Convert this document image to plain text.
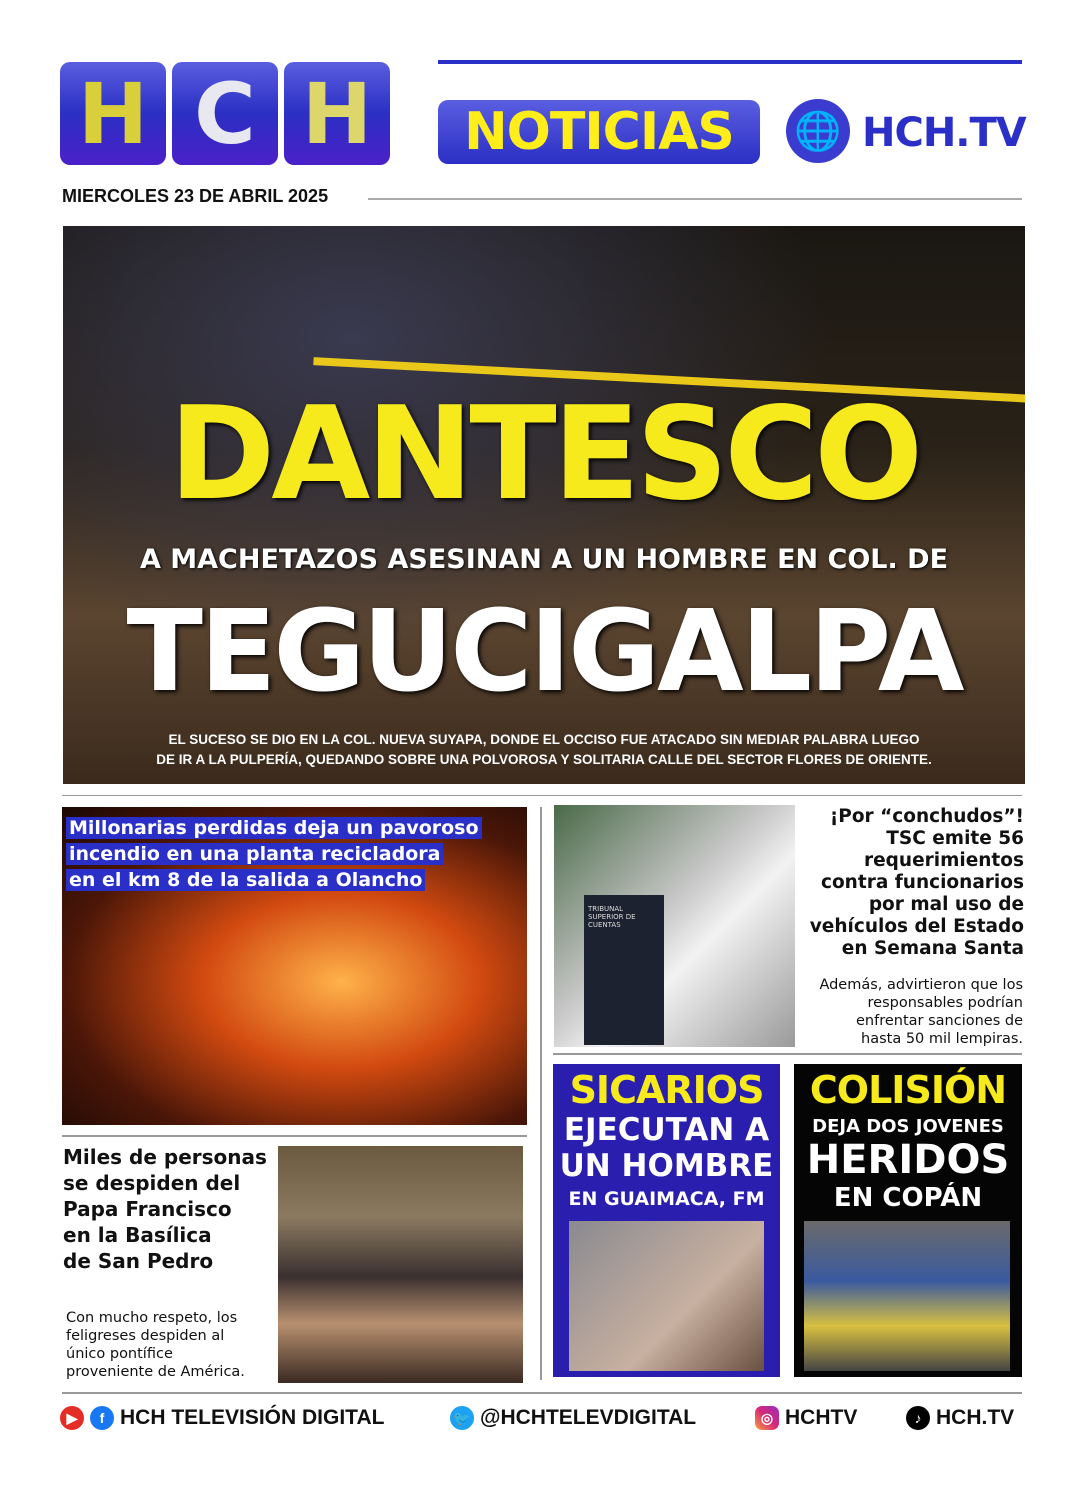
H C H	NOTICIAS	🌐 HCH.TV
MIERCOLES 23 DE ABRIL 2025
DANTESCO
A MACHETAZOS ASESINAN A UN HOMBRE EN COL. DE
TEGUCIGALPA
EL SUCESO SE DIO EN LA COL. NUEVA SUYAPA, DONDE EL OCCISO FUE ATACADO SIN MEDIAR PALABRA LUEGO
DE IR A LA PULPERÍA, QUEDANDO SOBRE UNA POLVOROSA Y SOLITARIA CALLE DEL SECTOR FLORES DE ORIENTE.
Millonarias perdidas deja un pavoroso
incendio en una planta recicladora
en el km 8 de la salida a Olancho
Miles de personas
se despiden del
Papa Francisco
en la Basílica
de San Pedro
Con mucho respeto, los
feligreses despiden al
único pontífice
proveniente de América.
TRIBUNAL SUPERIOR DE CUENTAS
¡Por “conchudos”!
TSC emite 56
requerimientos
contra funcionarios
por mal uso de
vehículos del Estado
en Semana Santa
Además, advirtieron que los
responsables podrían
enfrentar sanciones de
hasta 50 mil lempiras.
SICARIOS
EJECUTAN A
UN HOMBRE
EN GUAIMACA, FM
COLISIÓN
DEJA DOS JOVENES
HERIDOS
EN COPÁN
▶	f HCH TELEVISIÓN DIGITAL	🐦 @HCHTELEVDIGITAL	◎ HCHTV	♪ HCH.TV
